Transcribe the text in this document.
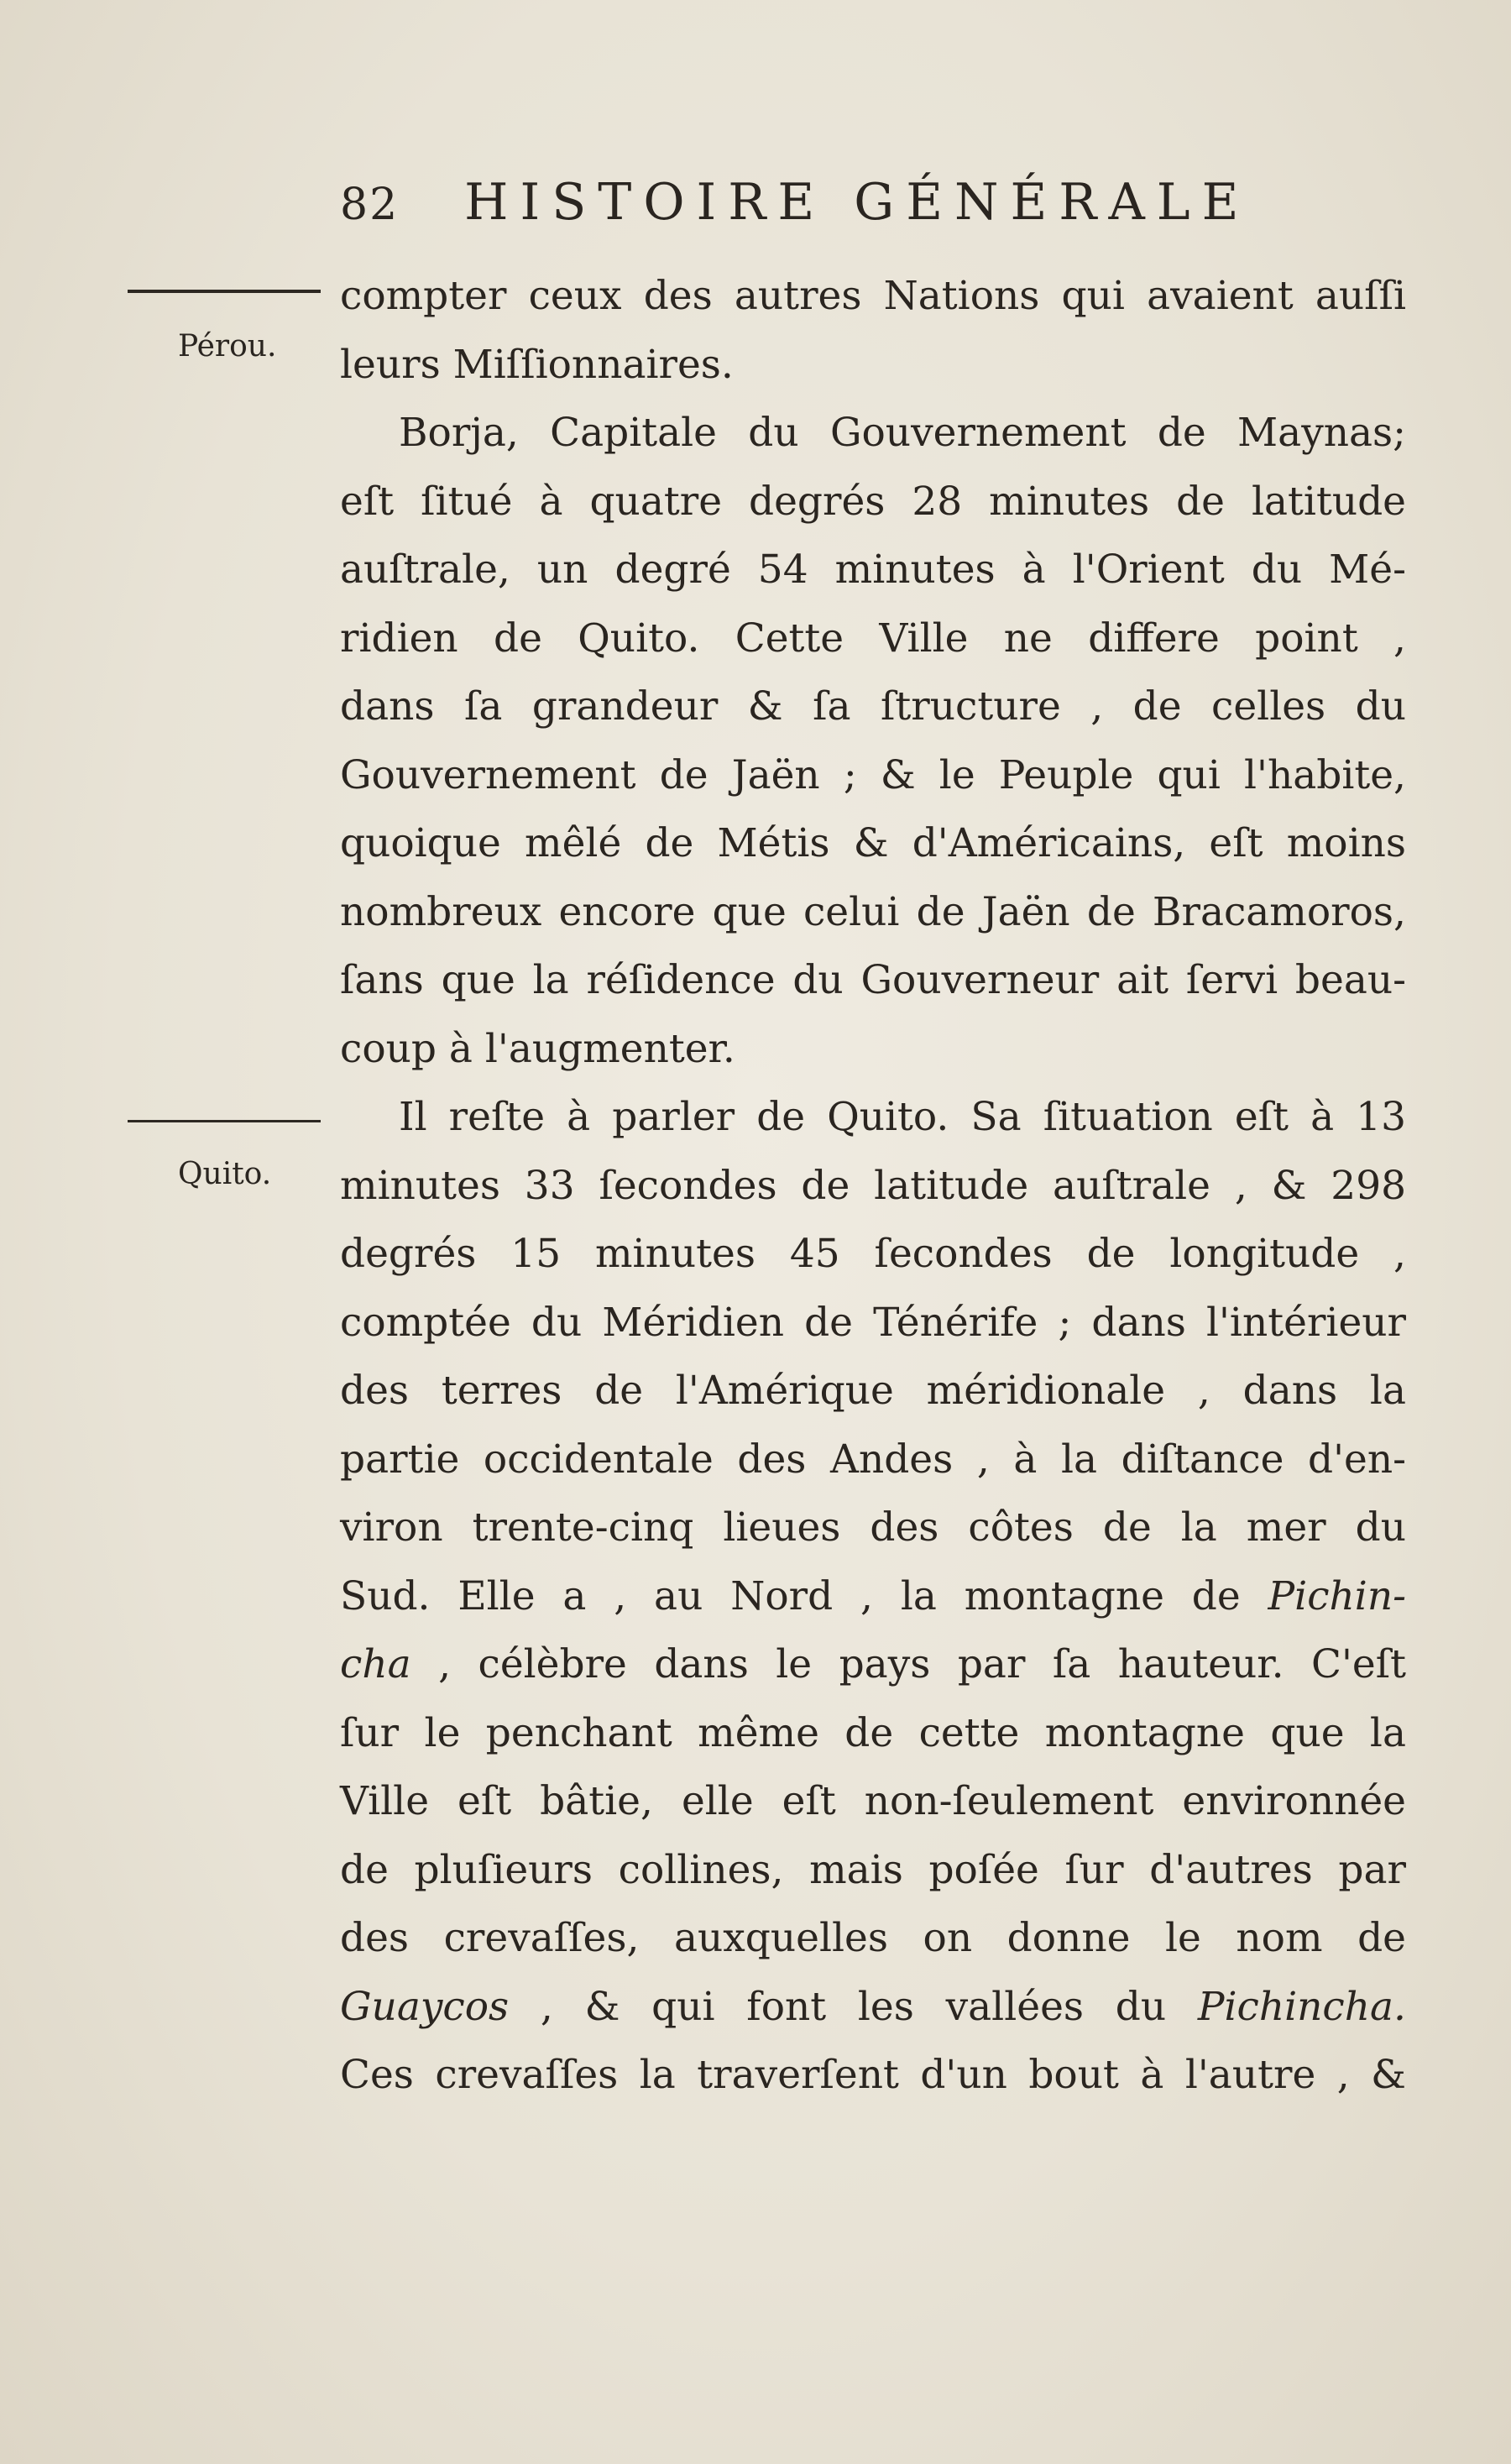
82 HISTOIRE GÉNÉRALE
Pérou.
Quito.
compter ceux des autres Nations qui avaient auſſi
leurs Miſſionnaires.
Borja, Capitale du Gouvernement de Maynas;
eſt ſitué à quatre degrés 28 minutes de latitude
auſtrale, un degré 54 minutes à l'Orient du Mé-
ridien de Quito. Cette Ville ne differe point ,
dans ſa grandeur & ſa ſtructure , de celles du
Gouvernement de Jaën ; & le Peuple qui l'habite,
quoique mêlé de Métis & d'Américains, eſt moins
nombreux encore que celui de Jaën de Bracamoros,
ſans que la réſidence du Gouverneur ait ſervi beau-
coup à l'augmenter.
Il reſte à parler de Quito. Sa ſituation eſt à 13
minutes 33 ſecondes de latitude auſtrale , & 298
degrés 15 minutes 45 ſecondes de longitude ,
comptée du Méridien de Ténérife ; dans l'intérieur
des terres de l'Amérique méridionale , dans la
partie occidentale des Andes , à la diſtance d'en-
viron trente-cinq lieues des côtes de la mer du
Sud. Elle a , au Nord , la montagne de Pichin-
cha , célèbre dans le pays par ſa hauteur. C'eſt
ſur le penchant même de cette montagne que la
Ville eſt bâtie, elle eſt non-ſeulement environnée
de pluſieurs collines, mais poſée ſur d'autres par
des crevaſſes, auxquelles on donne le nom de
Guaycos , & qui font les vallées du Pichincha.
Ces crevaſſes la traverſent d'un bout à l'autre , &
